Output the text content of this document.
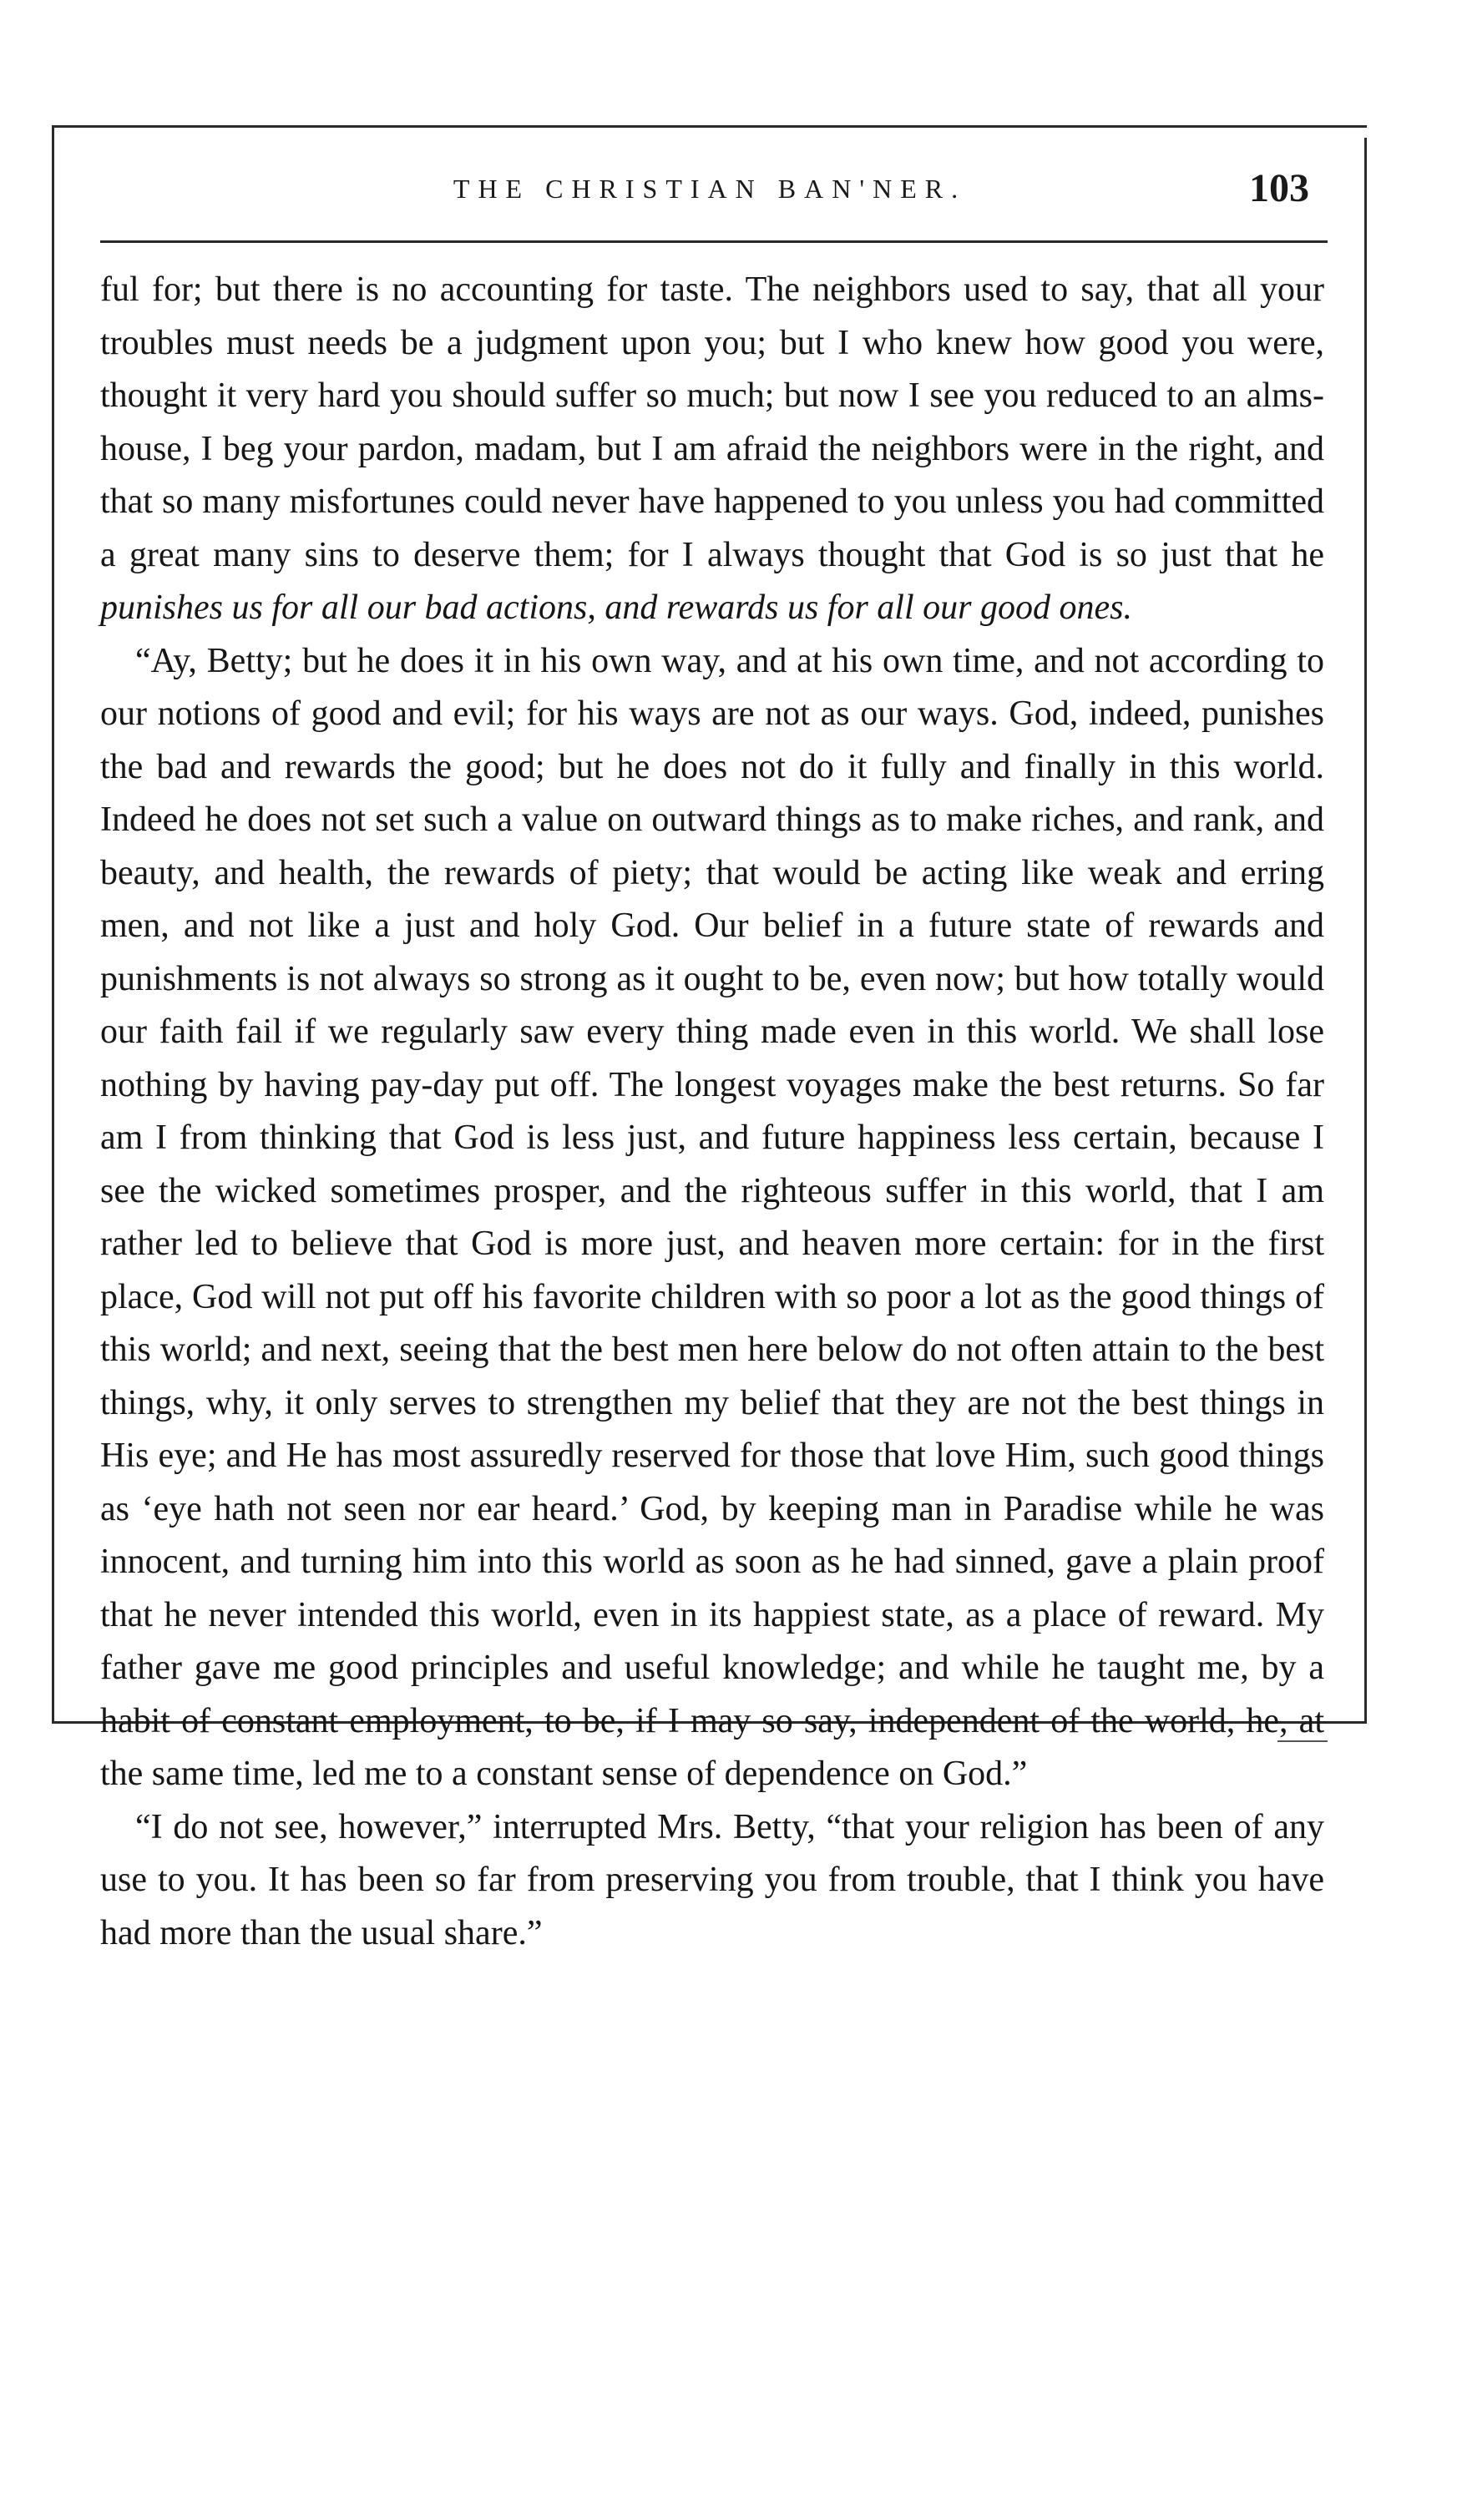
THE CHRISTIAN BAN'NER.	103

ful for; but there is no accounting for taste. The neighbors used to say, that all your troubles must needs be a judgment upon you; but I who knew how good you were, thought it very hard you should suffer so much; but now I see you reduced to an alms-house, I beg your pardon, madam, but I am afraid the neighbors were in the right, and that so many misfortunes could never have happened to you unless you had committed a great many sins to deserve them; for I always thought that God is so just that he punishes us for all our bad actions, and rewards us for all our good ones.

“Ay, Betty; but he does it in his own way, and at his own time, and not according to our notions of good and evil; for his ways are not as our ways. God, indeed, punishes the bad and rewards the good; but he does not do it fully and finally in this world. Indeed he does not set such a value on outward things as to make riches, and rank, and beauty, and health, the rewards of piety; that would be acting like weak and erring men, and not like a just and holy God. Our belief in a future state of rewards and punishments is not always so strong as it ought to be, even now; but how totally would our faith fail if we regularly saw every thing made even in this world. We shall lose nothing by having pay-day put off. The longest voyages make the best returns. So far am I from thinking that God is less just, and future happiness less certain, because I see the wicked sometimes prosper, and the righteous suffer in this world, that I am rather led to believe that God is more just, and heaven more certain: for in the first place, God will not put off his favorite children with so poor a lot as the good things of this world; and next, seeing that the best men here below do not often attain to the best things, why, it only serves to strengthen my belief that they are not the best things in His eye; and He has most assuredly reserved for those that love Him, such good things as ‘eye hath not seen nor ear heard.’ God, by keeping man in Paradise while he was innocent, and turning him into this world as soon as he had sinned, gave a plain proof that he never intended this world, even in its happiest state, as a place of reward. My father gave me good principles and useful knowledge; and while he taught me, by a habit of constant employment, to be, if I may so say, independent of the world, he, at the same time, led me to a constant sense of dependence on God.”

“I do not see, however,” interrupted Mrs. Betty, “that your religion has been of any use to you. It has been so far from preserving you from trouble, that I think you have had more than the usual share.”
